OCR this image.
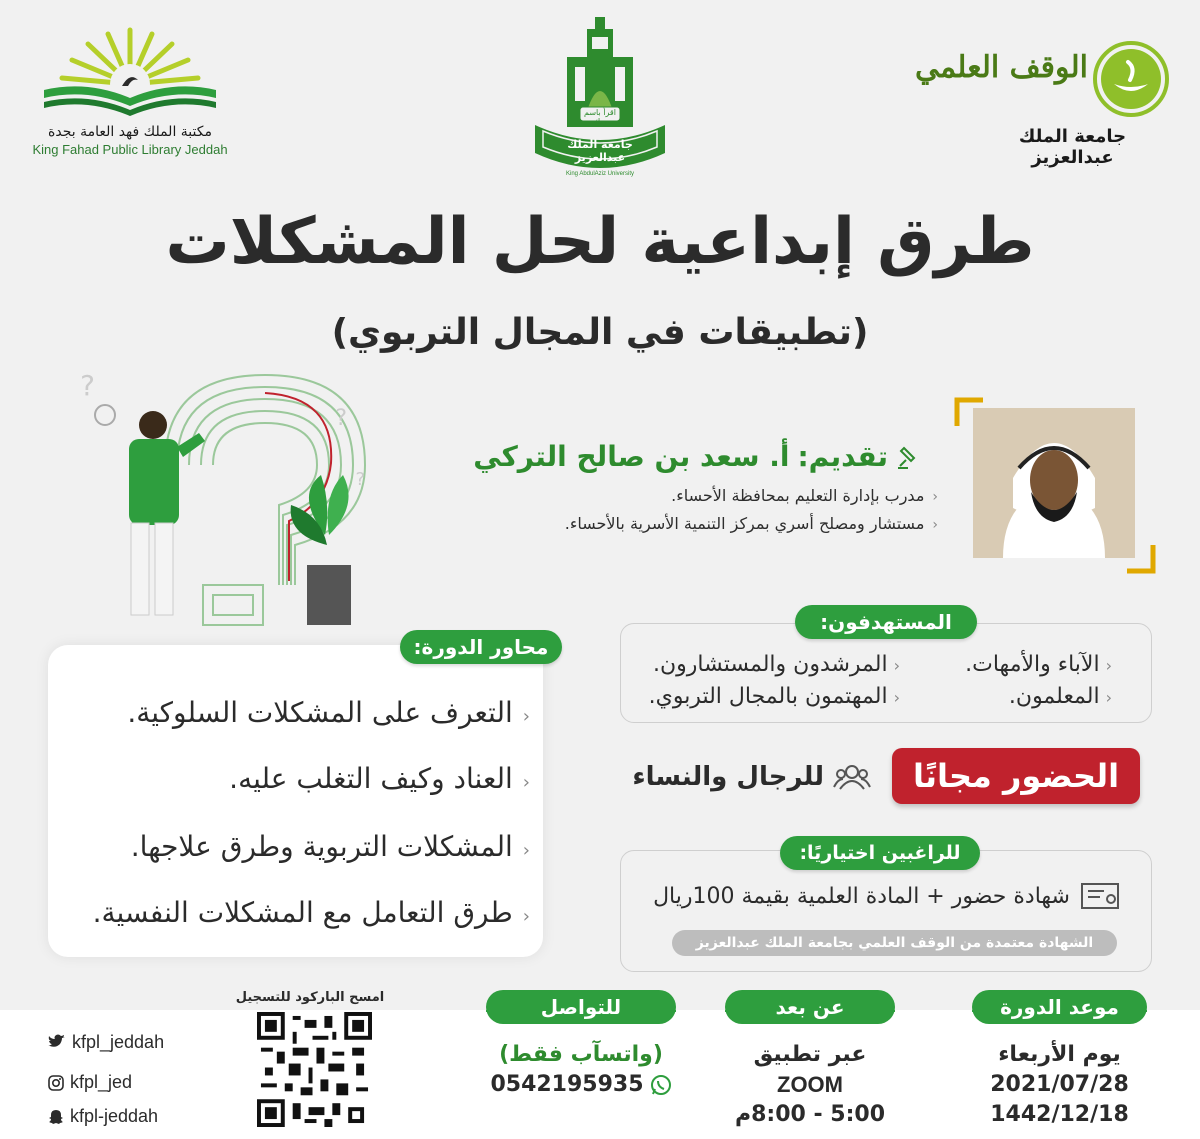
مكتبة الملك فهد العامة بجدة
King Fahad Public Library Jeddah
اقرأ باسم ربك
جامعة الملك عبدالعزيز
King AbdulAziz University
الوقف العلمي
جامعة الملك عبدالعزيز
طرق إبداعية لحل المشكلات
(تطبيقات في المجال التربوي)
?
?
?
تقديم:
أ. سعد بن صالح التركي
‹مدرب بإدارة التعليم بمحافظة الأحساء.
‹مستشار ومصلح أسري بمركز التنمية الأسرية بالأحساء.
المستهدفون:
‹الآباء والأمهات.
‹المرشدون والمستشارون.
‹المعلمون.
‹المهتمون بالمجال التربوي.
محاور الدورة:
‹التعرف على المشكلات السلوكية.
‹العناد وكيف التغلب عليه.
‹المشكلات التربوية وطرق علاجها.
‹طرق التعامل مع المشكلات النفسية.
الحضور مجانًا
للرجال والنساء
للراغبين اختياريًا:
شهادة حضور + المادة العلمية بقيمة 100ريال
الشهادة معتمدة من الوقف العلمي بجامعة الملك عبدالعزيز
موعد الدورة
يوم الأربعاء
2021/07/28
1442/12/18
عن بعد
عبر تطبيق
ZOOM
5:00 - 8:00م
للتواصل
(واتسآب فقط)
0542195935
امسح الباركود للتسجيل
kfpl_jeddah
kfpl_jed
kfpl-jeddah
